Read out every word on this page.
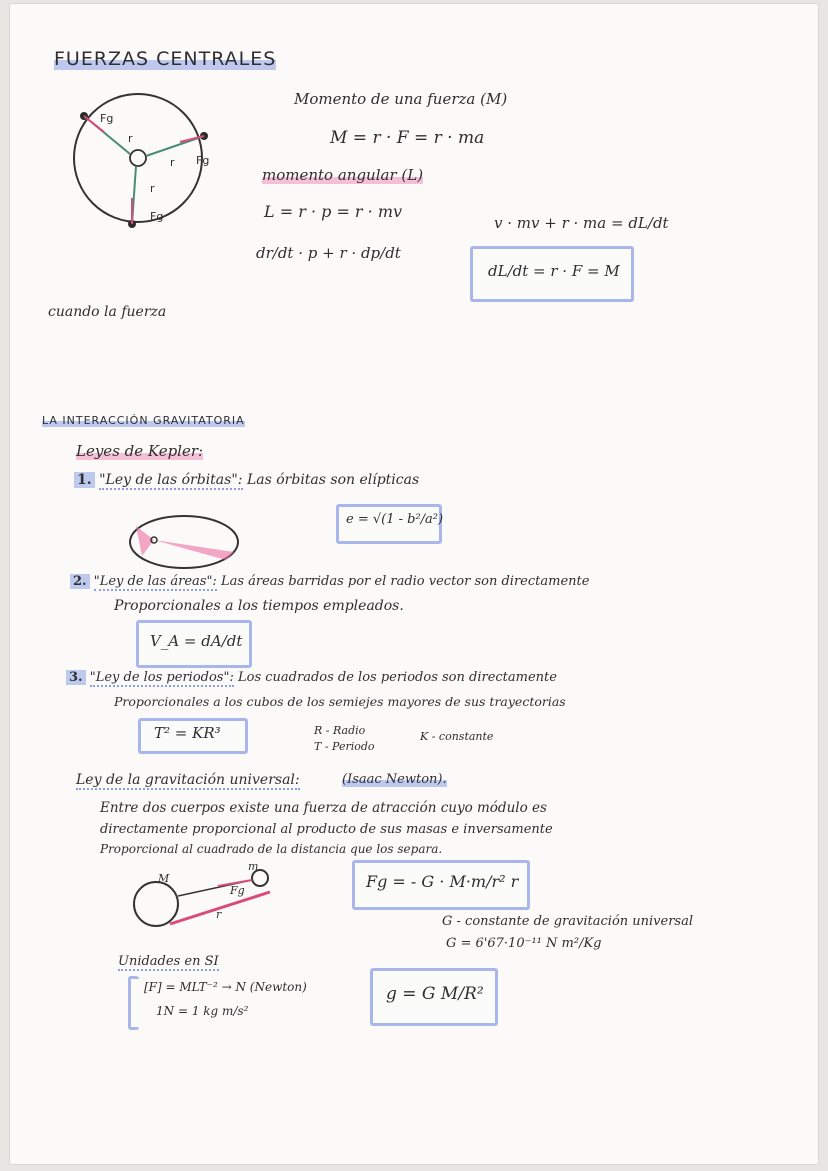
FUERZAS CENTRALES
Fg
r
Fg
r
r
Fg
Momento de una fuerza (M)
M = r · F = r · ma
momento angular (L)
L = r · p = r · mv
dr/dt · p + r · dp/dt
v · mv + r · ma = dL/dt
dL/dt = r · F = M
cuando la fuerza
LA INTERACCIÓN GRAVITATORIA
Leyes de Kepler:
1. "Ley de las órbitas": Las órbitas son elípticas
e = √(1 - b²/a²)
2. "Ley de las áreas": Las áreas barridas por el radio vector son directamente
Proporcionales a los tiempos empleados.
V_A = dA/dt
3. "Ley de los periodos": Los cuadrados de los periodos son directamente
Proporcionales a los cubos de los semiejes mayores de sus trayectorias
T² = KR³	R - Radio
T - Periodo
K - constante
Ley de la gravitación universal:	(Isaac Newton).
Entre dos cuerpos existe una fuerza de atracción cuyo módulo es
directamente proporcional al producto de sus masas e inversamente
Proporcional al cuadrado de la distancia que los separa.
M
m
Fg
r
Fg = - G · M·m/r² r
G - constante de gravitación universal
G = 6'67·10⁻¹¹ N m²/Kg
Unidades en SI
[F] = MLT⁻² → N (Newton)
1N = 1 kg m/s²
g = G M/R²
